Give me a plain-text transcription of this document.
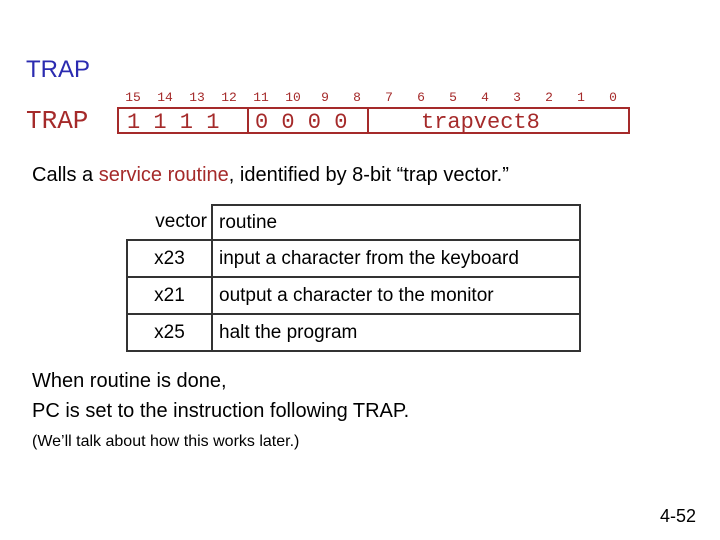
TRAP
TRAP
15	14	13	12	11	10	9	8	7	6	5	4	3	2	1	0
1 1 1 1 0 0 0 0	trapvect8
Calls a service routine, identified by 8-bit “trap vector.”
vector	routine
x23	input a character from the keyboard
x21	output a character to the monitor
x25	halt the program
When routine is done,
PC is set to the instruction following TRAP.
(We’ll talk about how this works later.)
4-52
